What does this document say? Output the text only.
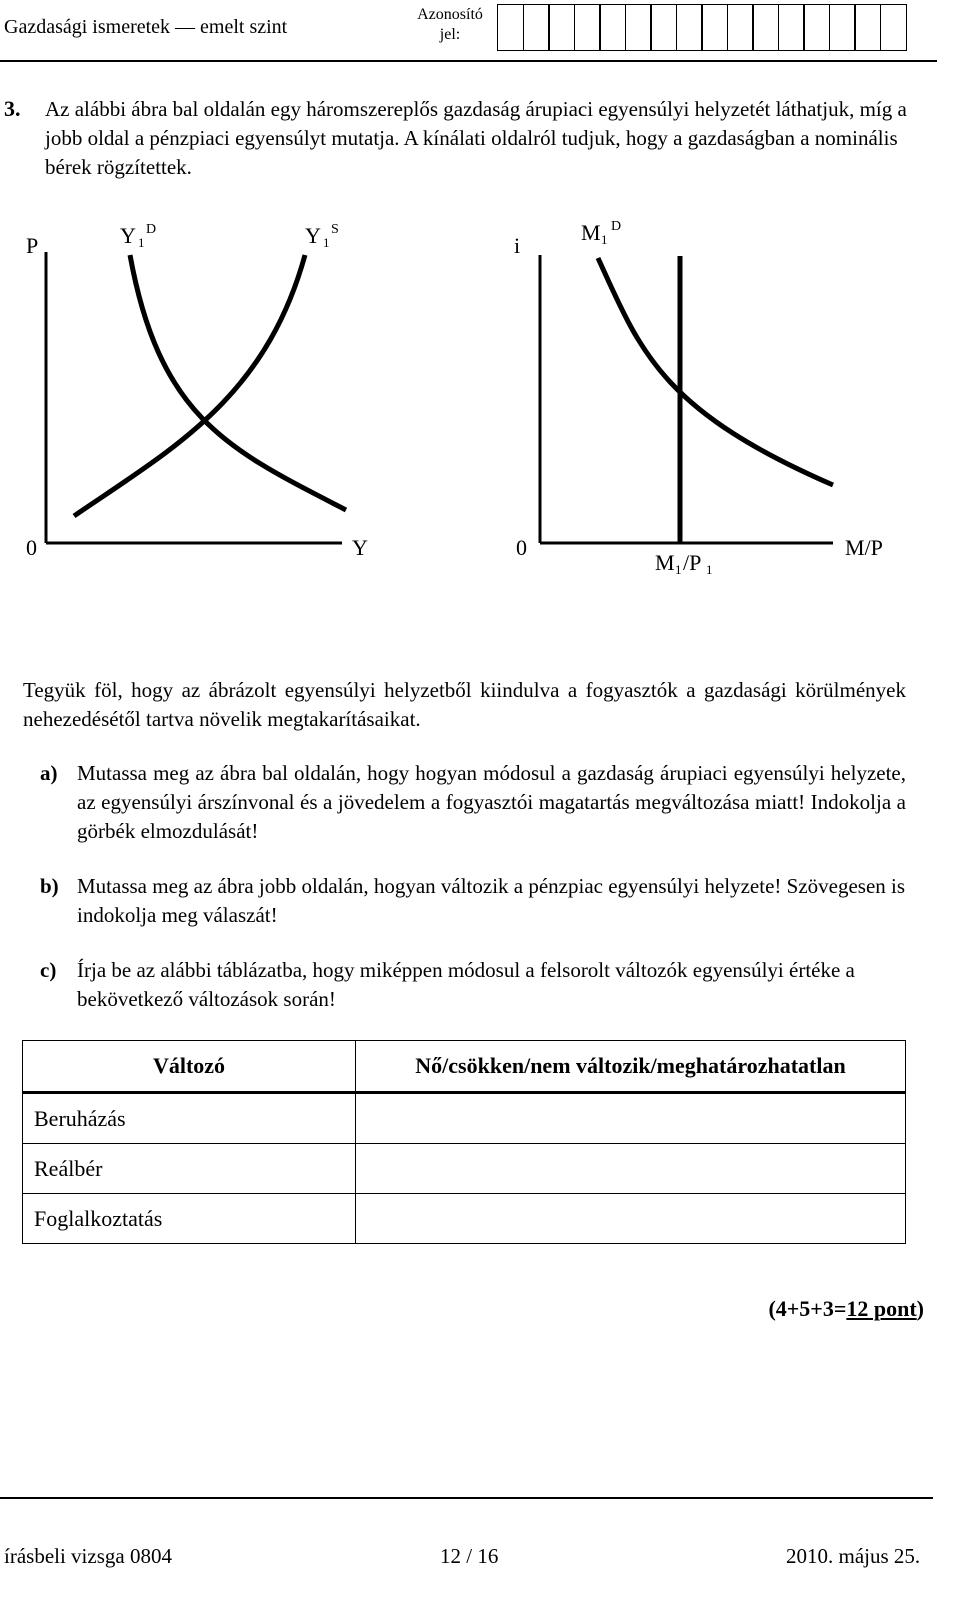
Gazdasági ismeretek — emelt szint
Azonosító
jel:
3. Az alábbi ábra bal oldalán egy háromszereplős gazdaság árupiaci egyensúlyi helyzetét láthatjuk, míg a jobb oldal a pénzpiaci egyensúlyt mutatja. A kínálati oldalról tudjuk, hogy a gazdaságban a nominális bérek rögzítettek.
P
Y
0
Y 1
D	Y 1
S
i
M/P
0
M 1
D
M 1 /P 1
Tegyük föl, hogy az ábrázolt egyensúlyi helyzetből kiindulva a fogyasztók a gazdasági körülmények nehezedésétől tartva növelik megtakarításaikat.
a) Mutassa meg az ábra bal oldalán, hogy hogyan módosul a gazdaság árupiaci egyensúlyi helyzete, az egyensúlyi árszínvonal és a jövedelem a fogyasztói magatartás megváltozása miatt! Indokolja a görbék elmozdulását!
b) Mutassa meg az ábra jobb oldalán, hogyan változik a pénzpiac egyensúlyi helyzete! Szövegesen is indokolja meg válaszát!
c) Írja be az alábbi táblázatba, hogy miképpen módosul a felsorolt változók egyensúlyi értéke a bekövetkező változások során!
Változó	Nő/csökken/nem változik/meghatározhatatlan
Beruházás	
Reálbér	
Foglalkoztatás	
(4+5+3=12 pont)
írásbeli vizsga 0804	12 / 16	2010. május 25.
